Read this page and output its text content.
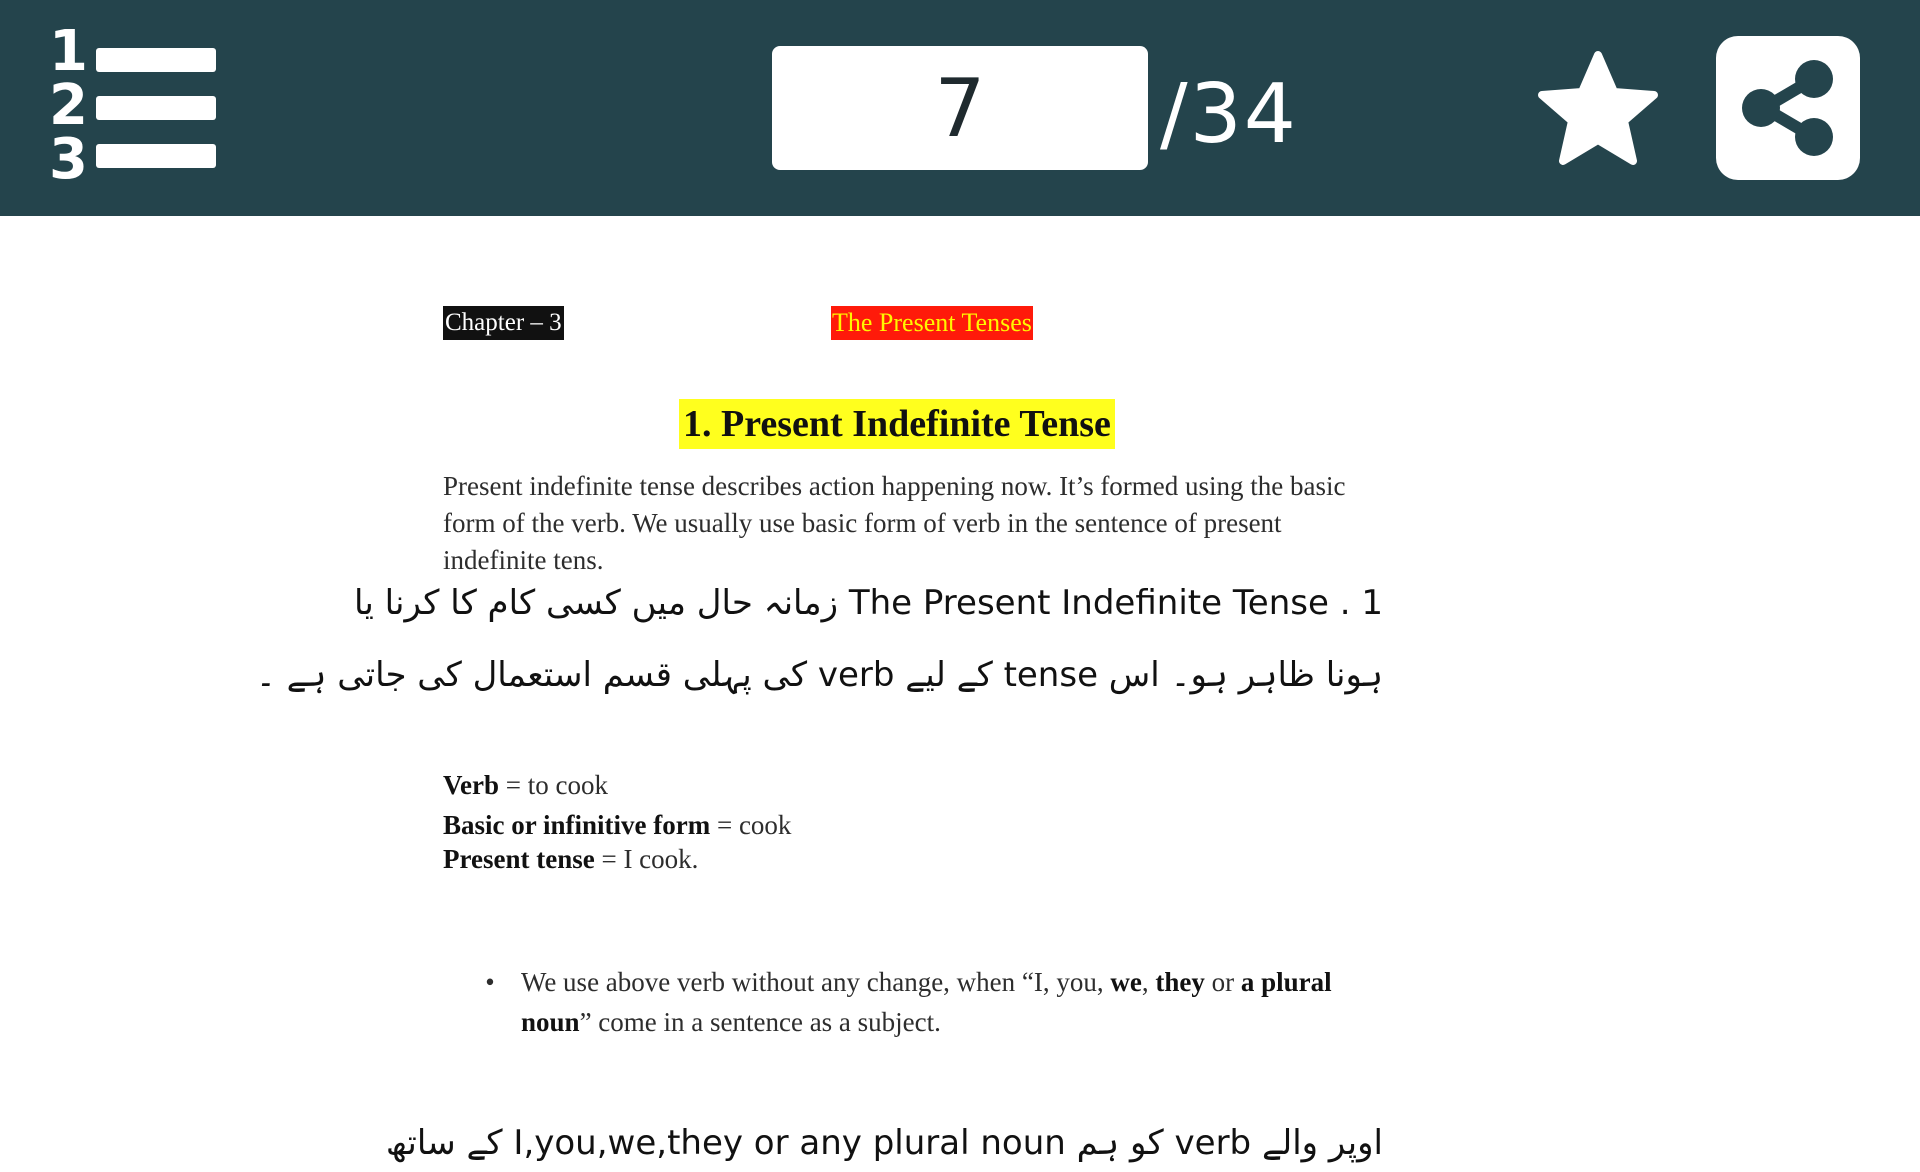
1
2
3
7	/34
Chapter – 3	The Present Tenses
1. Present Indefinite Tense

Present indefinite tense describes action happening now. It’s formed using the basic form of the verb. We usually use basic form of verb in the sentence of present indefinite tens.

1 . The Present Indefinite Tense زمانہ حال میں کسی کام کا کرنا یا

ہونا ظاہر ہو۔ اس tense کے لیے verb کی پہلی قسم استعمال کی جاتی ہے ۔

Verb = to cook
Basic or infinitive form = cook
Present tense = I cook.
• We use above verb without any change, when “I, you, we, they or a plural noun” come in a sentence as a subject.

اوپر والے verb کو ہم I,you,we,they or any plural noun کے ساتھ
